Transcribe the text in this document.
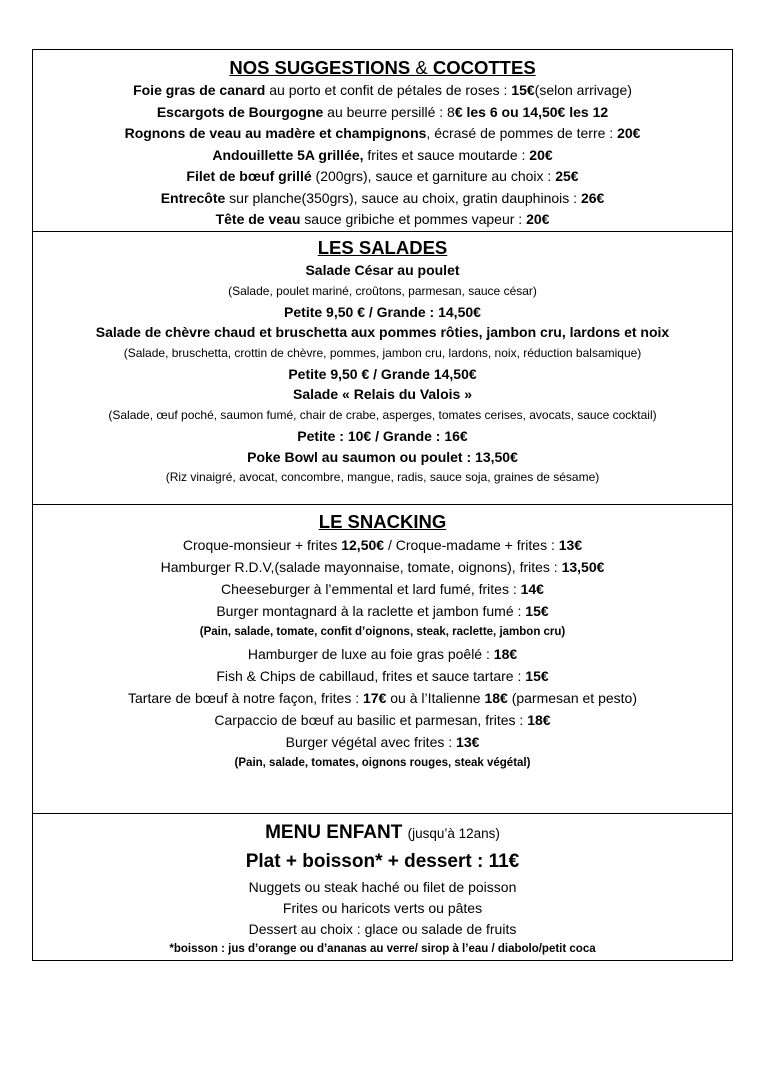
NOS SUGGESTIONS & COCOTTES
Foie gras de canard au porto et confit de pétales de roses : 15€(selon arrivage)
Escargots de Bourgogne au beurre persillé : 8€ les 6 ou 14,50€ les 12
Rognons de veau au madère et champignons, écrasé de pommes de terre : 20€
Andouillette 5A grillée, frites et sauce moutarde : 20€
Filet de bœuf grillé (200grs), sauce et garniture au choix : 25€
Entrecôte sur planche(350grs), sauce au choix, gratin dauphinois : 26€
Tête de veau sauce gribiche et pommes vapeur : 20€
LES SALADES
Salade César au poulet
(Salade, poulet mariné, croûtons, parmesan, sauce césar)
Petite 9,50 € / Grande : 14,50€
Salade de chèvre chaud et bruschetta aux pommes rôties, jambon cru, lardons et noix
(Salade, bruschetta, crottin de chèvre, pommes, jambon cru, lardons, noix, réduction balsamique)
Petite 9,50 € / Grande 14,50€
Salade « Relais du Valois »
(Salade, œuf poché, saumon fumé, chair de crabe, asperges, tomates cerises, avocats, sauce cocktail)
Petite : 10€ / Grande : 16€
Poke Bowl au saumon ou poulet : 13,50€
(Riz vinaigré, avocat, concombre, mangue, radis, sauce soja, graines de sésame)
LE SNACKING
Croque-monsieur + frites 12,50€ / Croque-madame + frites : 13€
Hamburger R.D.V,(salade mayonnaise, tomate, oignons), frites : 13,50€
Cheeseburger à l’emmental et lard fumé, frites : 14€
Burger montagnard à la raclette et jambon fumé : 15€
(Pain, salade, tomate, confit d’oignons, steak, raclette, jambon cru)
Hamburger de luxe au foie gras poêlé : 18€
Fish & Chips de cabillaud, frites et sauce tartare : 15€
Tartare de bœuf à notre façon, frites : 17€ ou à l’Italienne 18€ (parmesan et pesto)
Carpaccio de bœuf au basilic et parmesan, frites : 18€
Burger végétal avec frites : 13€
(Pain, salade, tomates, oignons rouges, steak végétal)
MENU ENFANT (jusqu’à 12ans)
Plat + boisson* + dessert : 11€
Nuggets ou steak haché ou filet de poisson
Frites ou haricots verts ou pâtes
Dessert au choix : glace ou salade de fruits
*boisson : jus d’orange ou d’ananas au verre/ sirop à l’eau / diabolo/petit coca
